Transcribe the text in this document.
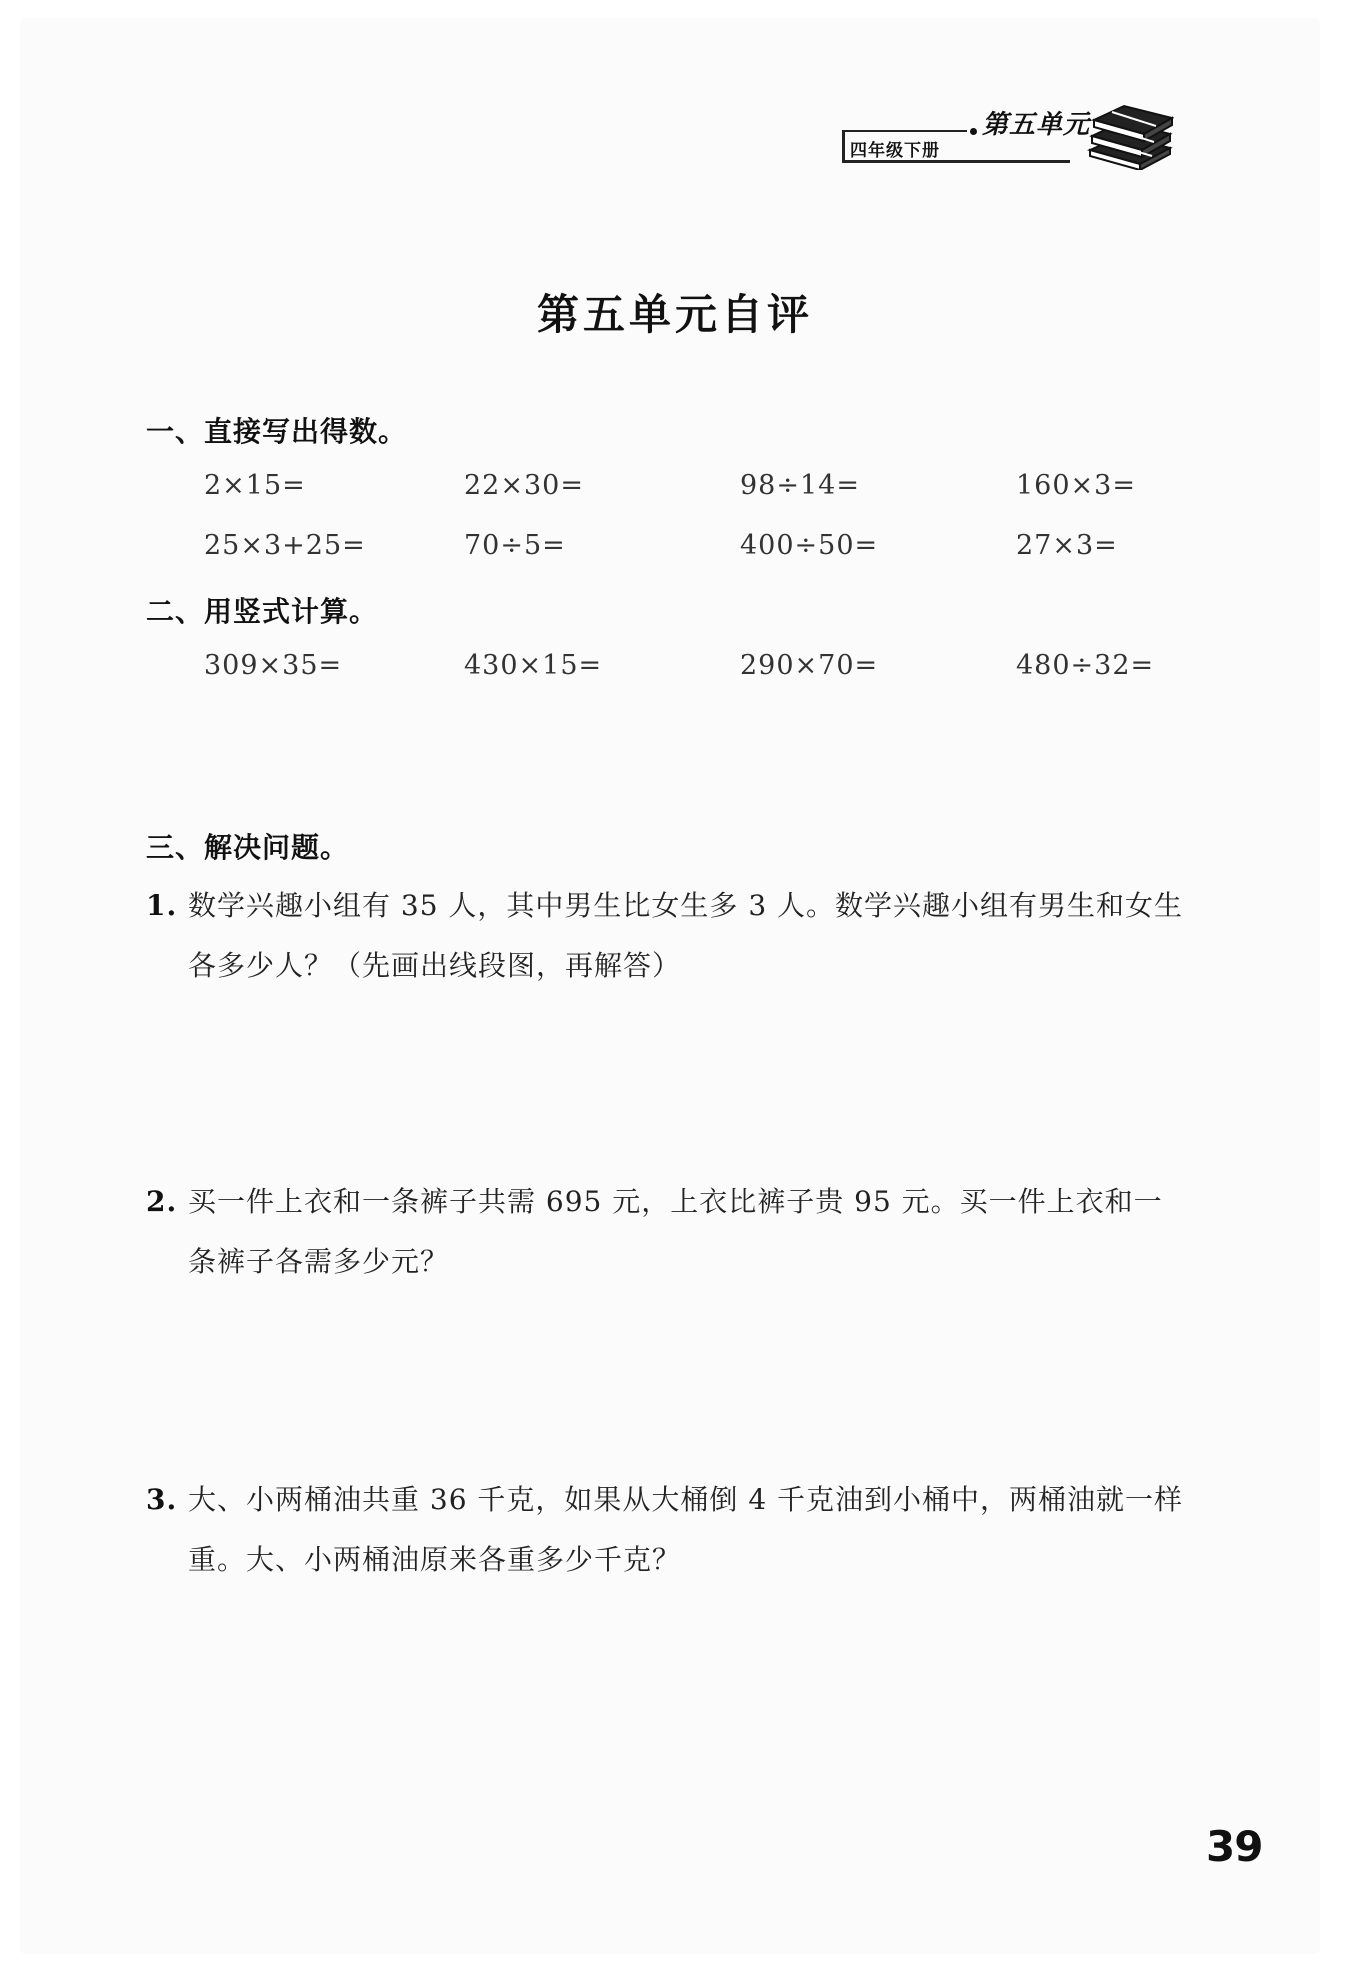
四年级下册
第五单元
第五单元自评
一、直接写出得数。
2×15=	22×30=	98÷14=	160×3=
25×3+25=	70÷5=	400÷50=	27×3=
二、用竖式计算。
309×35=	430×15=	290×70=	480÷32=
三、解决问题。
1. 数学兴趣小组有 35 人，其中男生比女生多 3 人。数学兴趣小组有男生和女生各多少人？（先画出线段图，再解答）
2. 买一件上衣和一条裤子共需 695 元，上衣比裤子贵 95 元。买一件上衣和一条裤子各需多少元？
3. 大、小两桶油共重 36 千克，如果从大桶倒 4 千克油到小桶中，两桶油就一样重。大、小两桶油原来各重多少千克？
39
